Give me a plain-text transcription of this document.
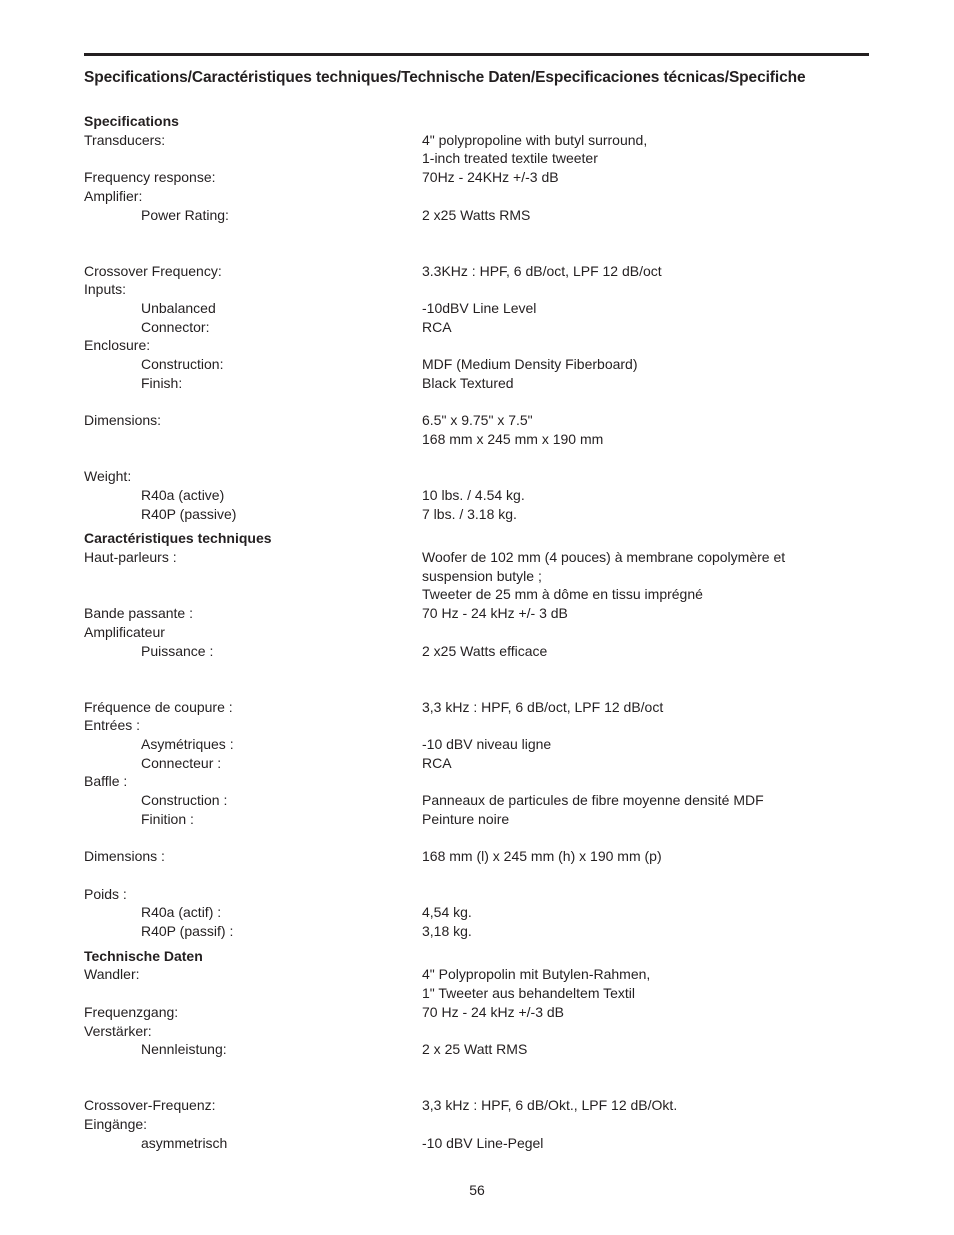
Specifications/Caractéristiques techniques/Technische Daten/Especificaciones técnicas/Specifiche
Specifications
Transducers:	4" polypropoline with butyl surround,
1-inch treated textile tweeter
Frequency response:	70Hz - 24KHz +/-3 dB
Amplifier:
Power Rating:	2 x25 Watts RMS
Crossover Frequency:	3.3KHz : HPF, 6 dB/oct, LPF 12 dB/oct
Inputs:
Unbalanced	-10dBV Line Level
Connector:	RCA
Enclosure:
Construction:	MDF (Medium Density Fiberboard)
Finish:	Black Textured
Dimensions:	6.5" x 9.75" x 7.5"
168 mm x 245 mm x 190 mm
Weight:
R40a (active)	10 lbs. / 4.54 kg.
R40P (passive)	7 lbs. / 3.18 kg.
Caractéristiques techniques
Haut-parleurs :	Woofer de 102 mm (4 pouces) à membrane copolymère et
suspension butyle ;
Tweeter de 25 mm à dôme en tissu imprégné
Bande passante :	70 Hz - 24 kHz +/- 3 dB
Amplificateur
Puissance :	2 x25 Watts efficace
Fréquence de coupure :	3,3 kHz : HPF, 6 dB/oct, LPF 12 dB/oct
Entrées :
Asymétriques :	-10 dBV niveau ligne
Connecteur :	RCA
Baffle :
Construction :	Panneaux de particules de fibre moyenne densité MDF
Finition :	Peinture noire
Dimensions :	168 mm (l) x 245 mm (h) x 190 mm (p)
Poids :
R40a (actif) :	4,54 kg.
R40P (passif) :	3,18 kg.
Technische Daten
Wandler:	4" Polypropolin mit Butylen-Rahmen,
1" Tweeter aus behandeltem Textil
Frequenzgang:	70 Hz - 24 kHz +/-3 dB
Verstärker:
Nennleistung:	2 x 25 Watt RMS
Crossover-Frequenz:	3,3 kHz : HPF, 6 dB/Okt., LPF 12 dB/Okt.
Eingänge:
asymmetrisch	-10 dBV Line-Pegel
56
